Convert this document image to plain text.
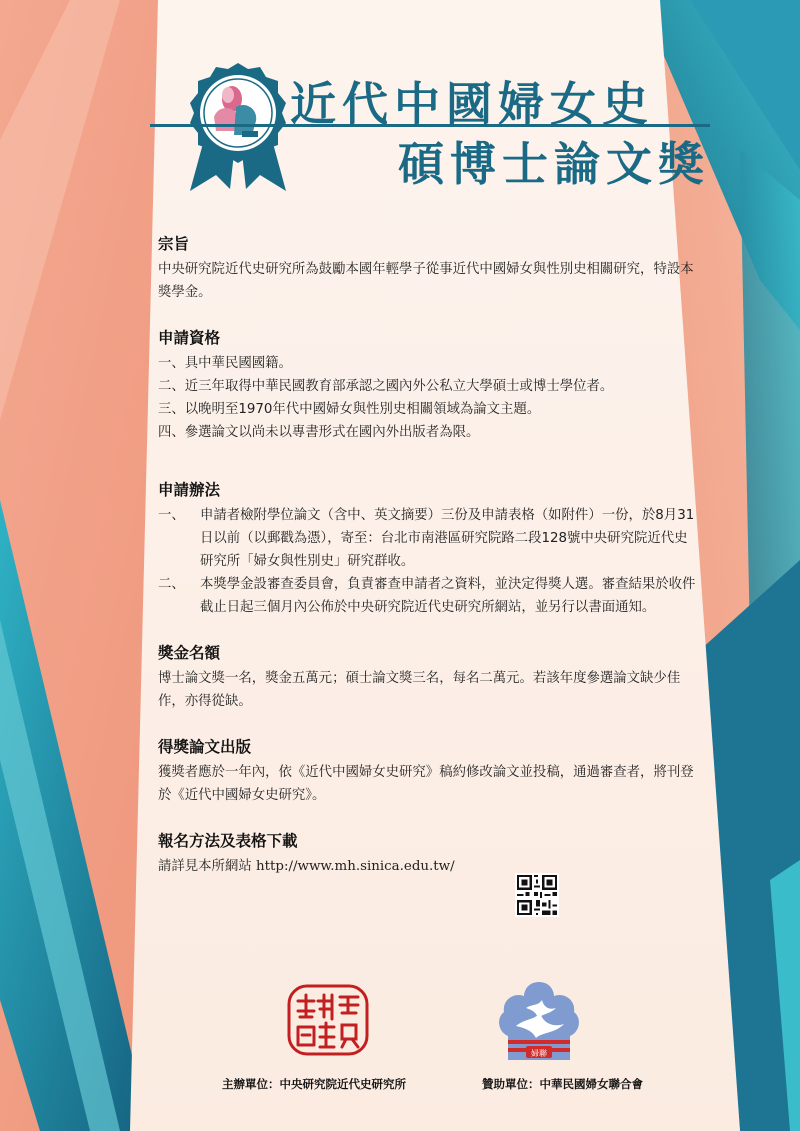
近代中國婦女史
碩博士論文獎
宗旨

中央研究院近代史研究所為鼓勵本國年輕學子從事近代中國婦女與性別史相關研究，特設本獎學金。

申請資格
一、 具中華民國國籍。
二、 近三年取得中華民國教育部承認之國內外公私立大學碩士或博士學位者。
三、 以晚明至1970年代中國婦女與性別史相關領域為論文主題。
四、 參選論文以尚未以專書形式在國內外出版者為限。
申請辦法
一、	申請者檢附學位論文（含中、英文摘要）三份及申請表格（如附件）一份，於8月31日以前（以郵戳為憑），寄至：台北市南港區研究院路二段128號中央研究院近代史研究所「婦女與性別史」研究群收。
二、	本獎學金設審查委員會，負責審查申請者之資料，並決定得獎人選。審查結果於收件截止日起三個月內公佈於中央研究院近代史研究所網站，並另行以書面通知。
獎金名額

博士論文獎一名，獎金五萬元；碩士論文獎三名，每名二萬元。若該年度參選論文缺少佳作，亦得從缺。

得獎論文出版

獲獎者應於一年內，依《近代中國婦女史研究》稿約修改論文並投稿，通過審查者，將刊登於《近代中國婦女史研究》。

報名方法及表格下載

請詳見本所網站 http://www.mh.sinica.edu.tw/

婦聯
主辦單位：中央研究院近代史研究所	贊助單位：中華民國婦女聯合會
